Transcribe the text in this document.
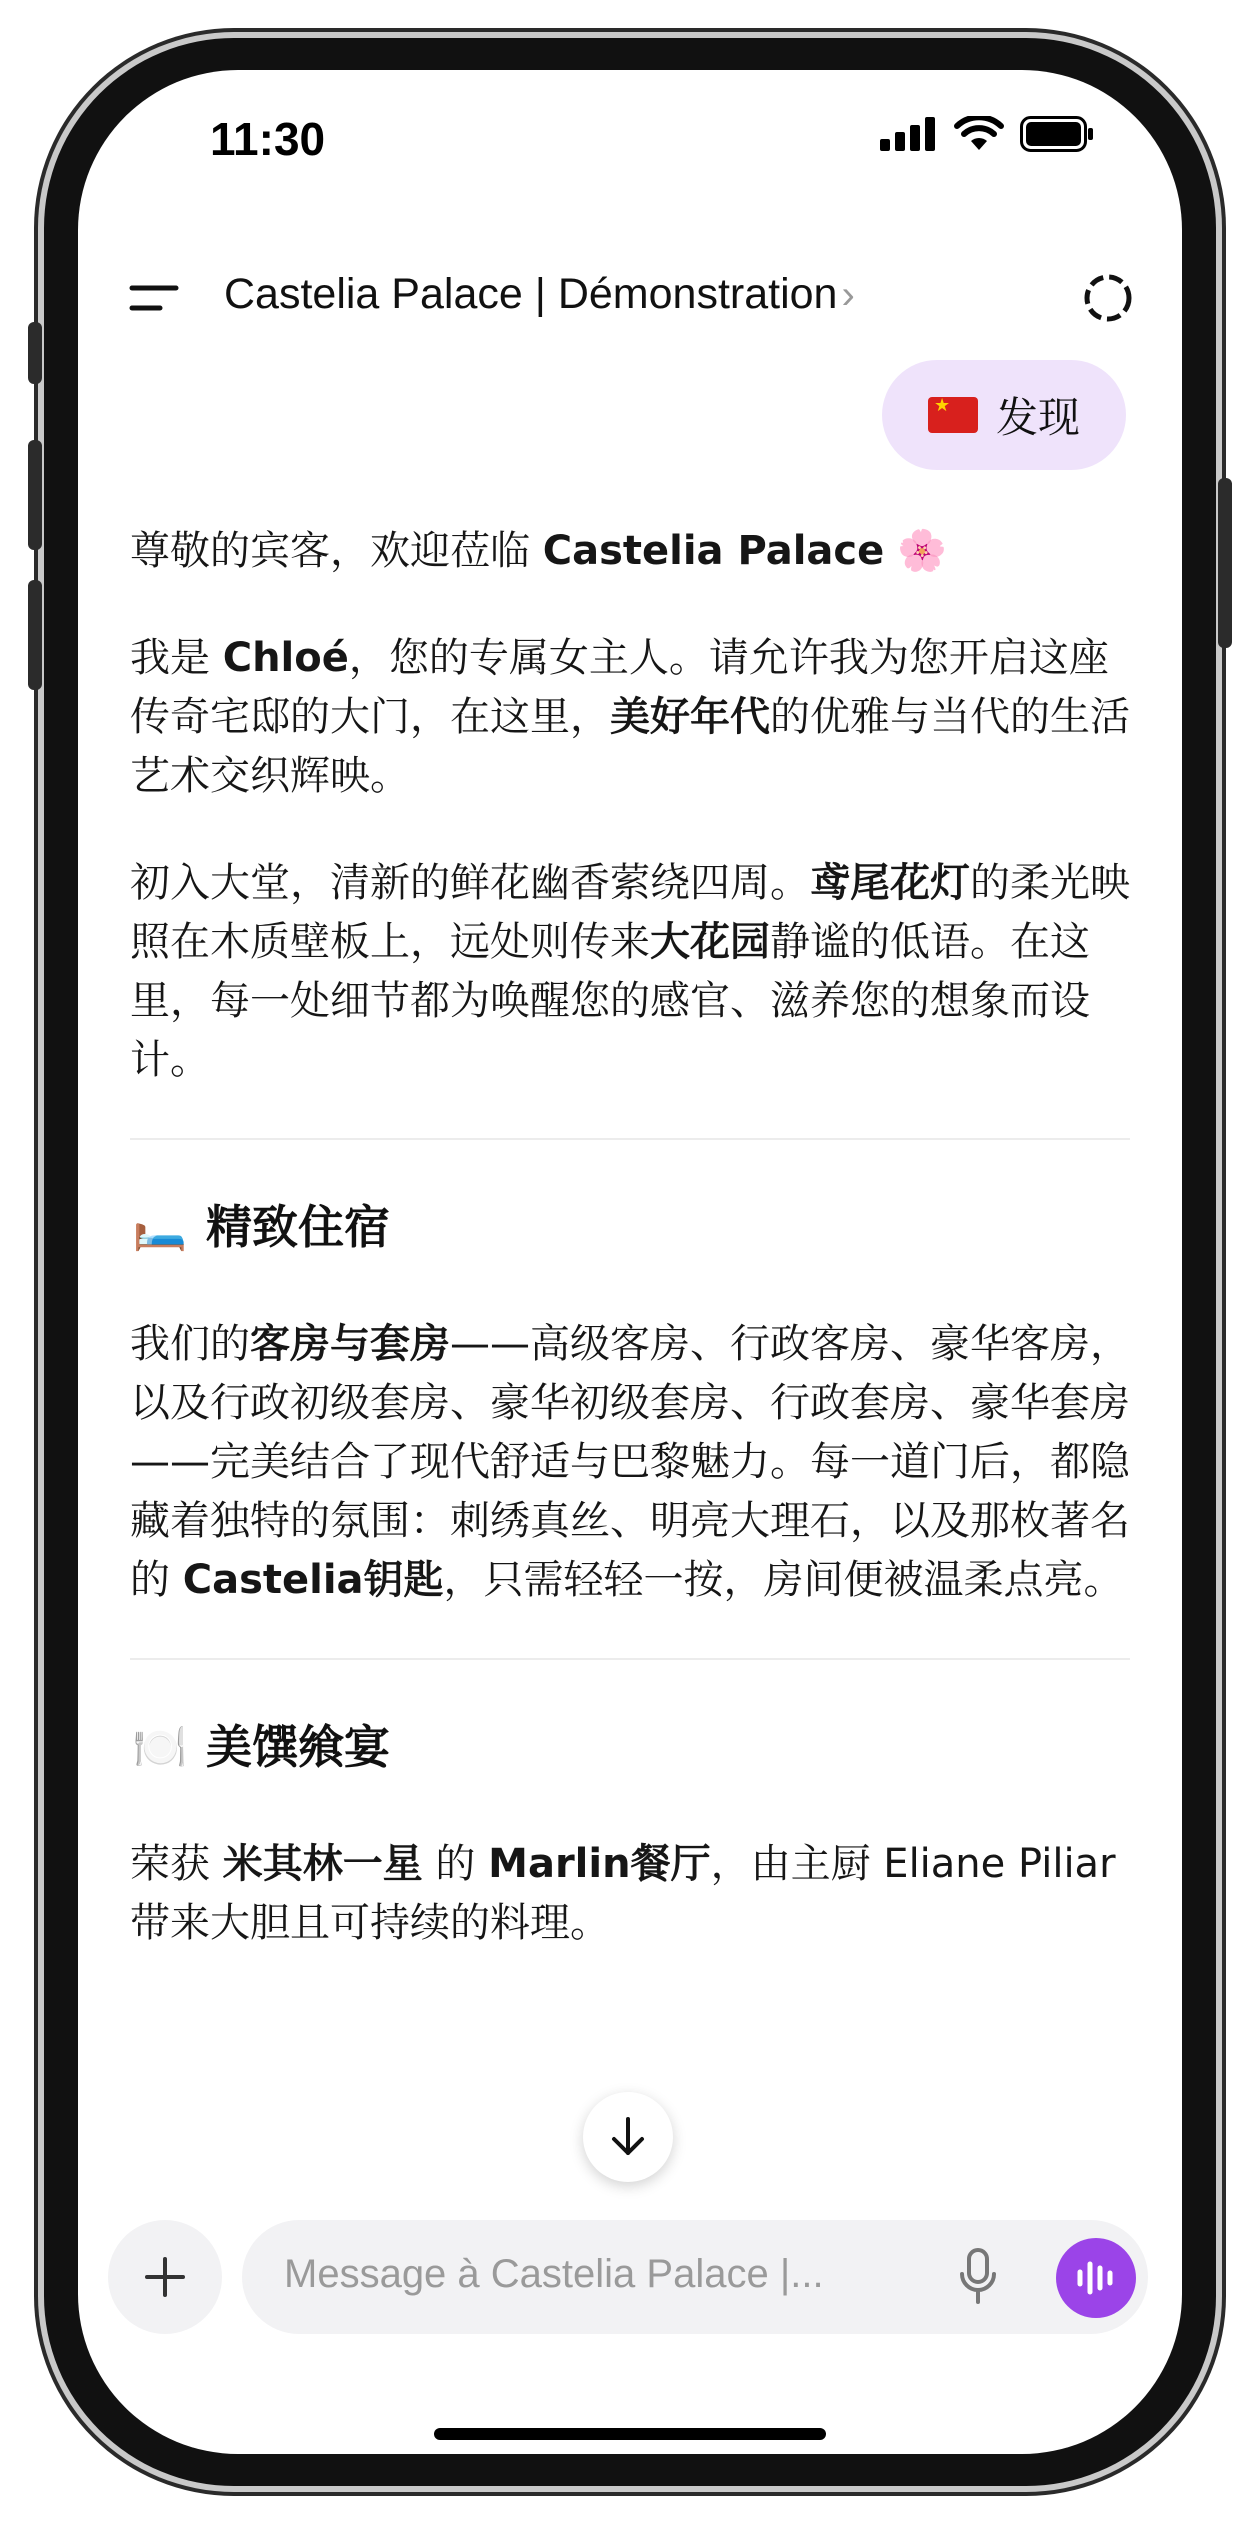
11:30
Castelia Palace | Démonstration ›
★
发现

尊敬的宾客，欢迎莅临 Castelia Palace 🌸

我是 Chloé，您的专属女主人。请允许我为您开启这座传奇宅邸的大门，在这里，美好年代的优雅与当代的生活艺术交织辉映。

初入大堂，清新的鲜花幽香萦绕四周。鸢尾花灯的柔光映照在木质壁板上，远处则传来大花园静谧的低语。在这里，每一处细节都为唤醒您的感官、滋养您的想象而设计。

🛏️ 精致住宿

我们的客房与套房——高级客房、行政客房、豪华客房，以及行政初级套房、豪华初级套房、行政套房、豪华套房——完美结合了现代舒适与巴黎魅力。每一道门后，都隐藏着独特的氛围：刺绣真丝、明亮大理石，以及那枚著名的 Castelia钥匙，只需轻轻一按，房间便被温柔点亮。

🍽️ 美馔飨宴

荣获 米其林一星 的 Marlin餐厅，由主厨 Eliane Piliar 带来大胆且可持续的料理。

Message à Castelia Palace |...
